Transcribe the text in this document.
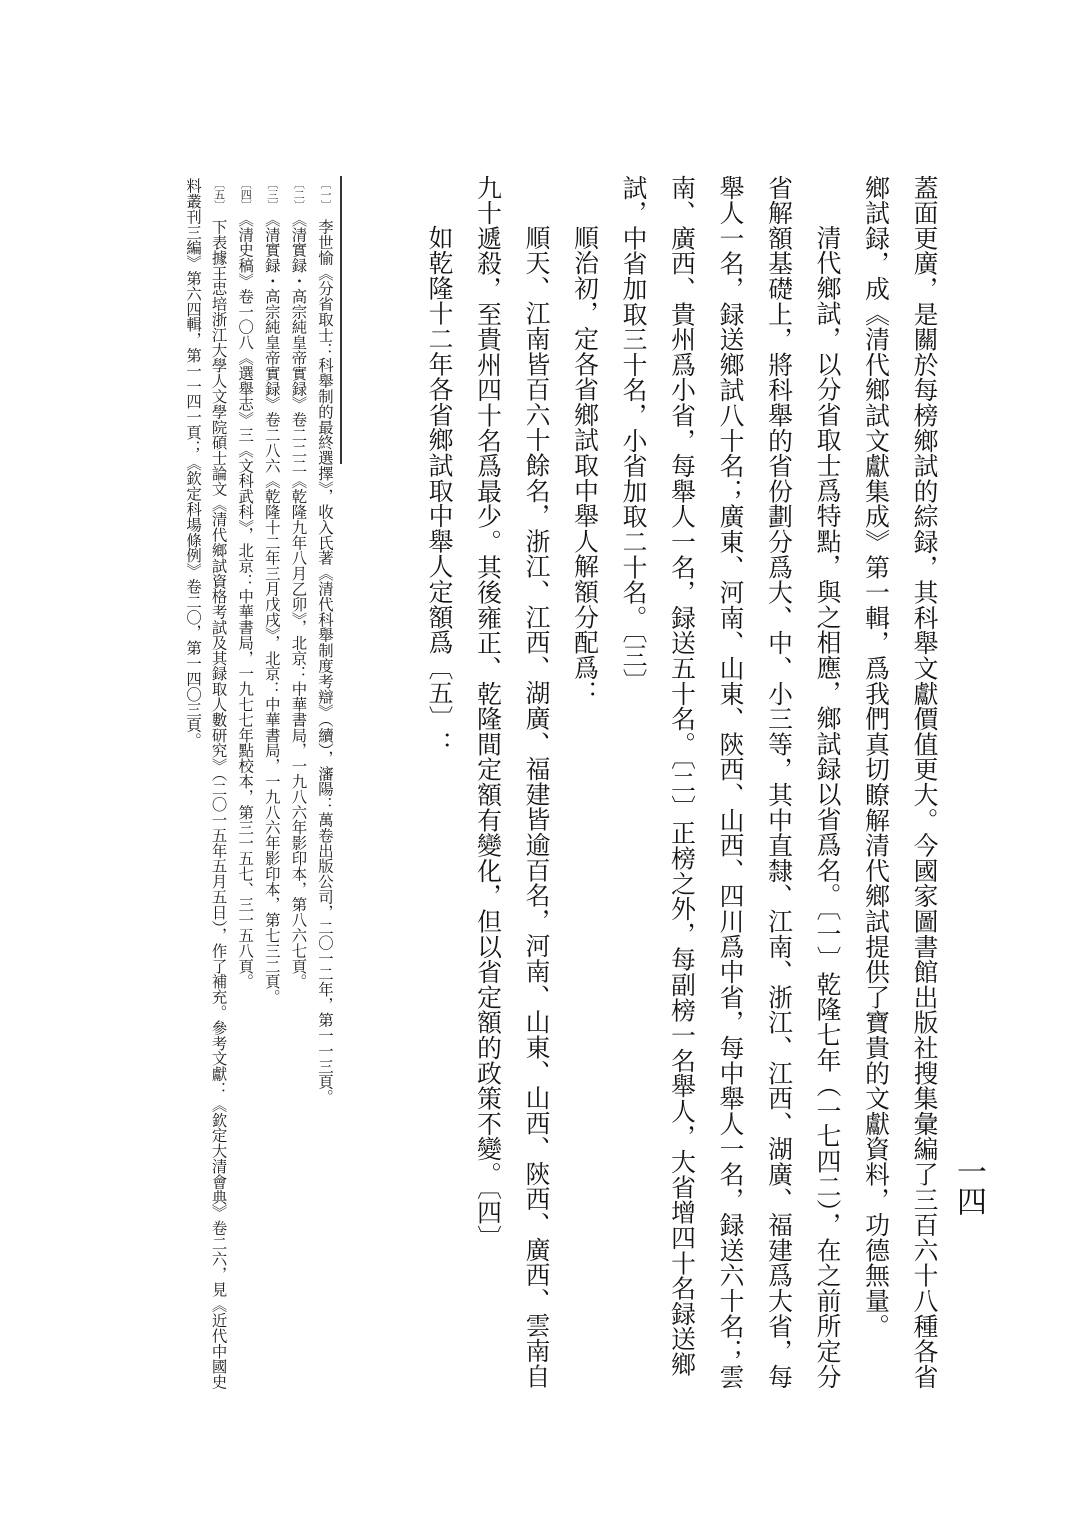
一四

蓋面更廣，是關於每榜鄉試的綜録，其科舉文獻價值更大。今國家圖書館出版社搜集彙編了三百六十八種各省鄉試録，成《清代鄉試文獻集成》第一輯，爲我們真切瞭解清代鄉試提供了寶貴的文獻資料，功德無量。

清代鄉試，以分省取士爲特點，與之相應，鄉試録以省爲名。〔一〕乾隆七年（一七四二），在之前所定分省解額基礎上，將科舉的省份劃分爲大、中、小三等，其中直隸、江南、浙江、江西、湖廣、福建爲大省，每舉人一名，録送鄉試八十名；廣東、河南、山東、陝西、山西、四川爲中省，每中舉人一名，録送六十名；雲南、廣西、貴州爲小省，每舉人一名，録送五十名。〔二〕正榜之外，每副榜一名舉人，大省增四十名録送鄉試，中省加取三十名，小省加取二十名。〔三〕

順治初，定各省鄉試取中舉人解額分配爲：

順天、江南皆百六十餘名，浙江、江西、湖廣、福建皆逾百名，河南、山東、山西、陝西、廣西、雲南自九十遞殺，至貴州四十名爲最少。其後雍正、乾隆間定額有變化，但以省定額的政策不變。〔四〕

如乾隆十二年各省鄉試取中舉人定額爲〔五〕：

〔一〕李世愉《分省取士：科舉制的最終選擇》，收入氏著《清代科舉制度考辯》（續），瀋陽：萬卷出版公司，二〇一二年，第一一三頁。

〔二〕《清實録・高宗純皇帝實録》卷二二二《乾隆九年八月乙卯》，北京：中華書局，一九八六年影印本，第八六七頁。

〔三〕《清實録・高宗純皇帝實録》卷二八六《乾隆十二年三月戊戌》，北京：中華書局，一九八六年影印本，第七三二頁。

〔四〕《清史稿》卷一〇八《選舉志》三《文科武科》，北京：中華書局，一九七七年點校本，第三一五七、三一五八頁。

〔五〕下表據王忠培浙江大學人文學院碩士論文《清代鄉試資格考試及其録取人數研究》（二〇一五年五月五日），作了補充。參考文獻：《欽定大清會典》卷二六，見《近代中國史料叢刊三編》第六四輯，第一一四一頁；《欽定科場條例》卷二〇，第一四〇三頁。
